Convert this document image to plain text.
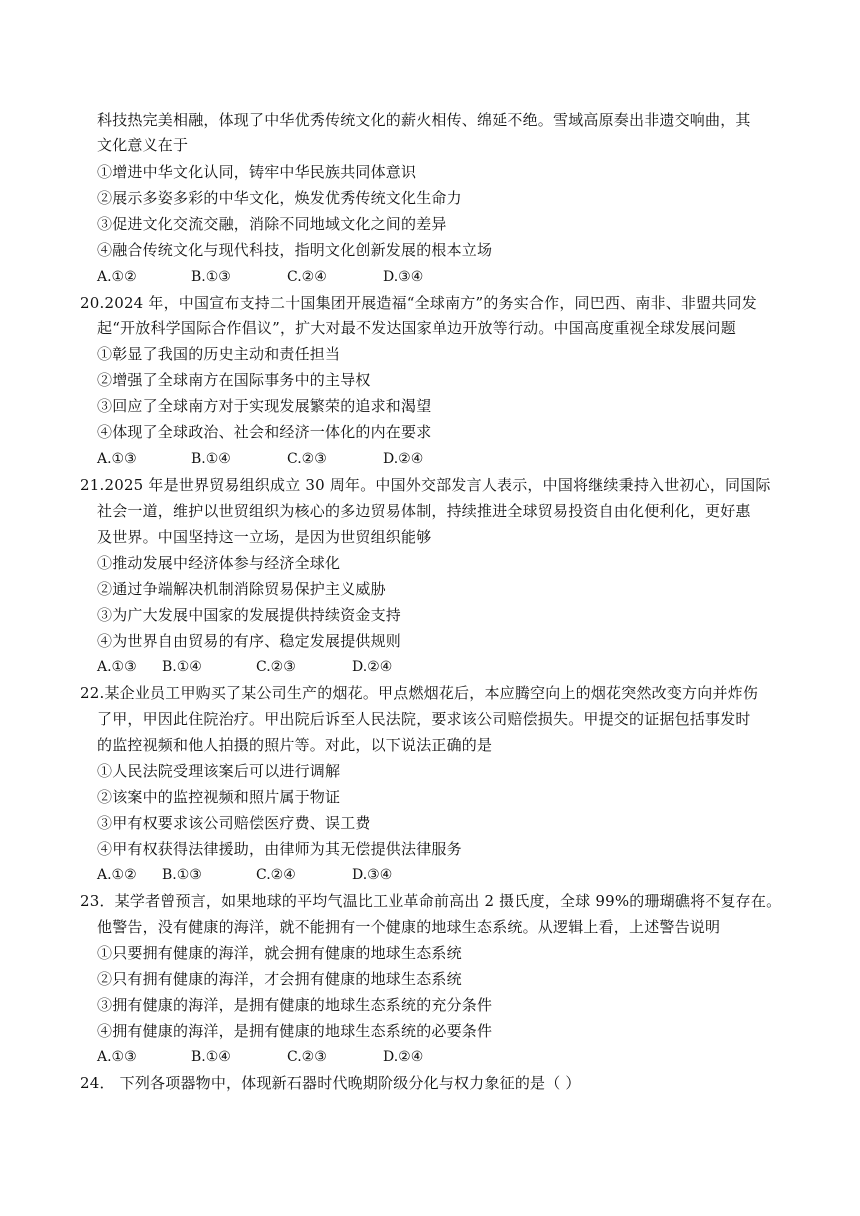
科技热完美相融，体现了中华优秀传统文化的薪火相传、绵延不绝。雪域高原奏出非遗交响曲，其
文化意义在于
①增进中华文化认同，铸牢中华民族共同体意识
②展示多姿多彩的中华文化，焕发优秀传统文化生命力
③促进文化交流交融，消除不同地域文化之间的差异
④融合传统文化与现代科技，指明文化创新发展的根本立场
A.①②	B.①③	C.②④	D.③④
20.2024 年，中国宣布支持二十国集团开展造福“全球南方”的务实合作，同巴西、南非、非盟共同发
起“开放科学国际合作倡议”，扩大对最不发达国家单边开放等行动。中国高度重视全球发展问题
①彰显了我国的历史主动和责任担当
②增强了全球南方在国际事务中的主导权
③回应了全球南方对于实现发展繁荣的追求和渴望
④体现了全球政治、社会和经济一体化的内在要求
A.①③	B.①④	C.②③	D.②④
21.2025 年是世界贸易组织成立 30 周年。中国外交部发言人表示，中国将继续秉持入世初心，同国际
社会一道，维护以世贸组织为核心的多边贸易体制，持续推进全球贸易投资自由化便利化，更好惠
及世界。中国坚持这一立场，是因为世贸组织能够
①推动发展中经济体参与经济全球化
②通过争端解决机制消除贸易保护主义威胁
③为广大发展中国家的发展提供持续资金支持
④为世界自由贸易的有序、稳定发展提供规则
A.①③ B.①④	C.②③	D.②④
22.某企业员工甲购买了某公司生产的烟花。甲点燃烟花后，本应腾空向上的烟花突然改变方向并炸伤
了甲，甲因此住院治疗。甲出院后诉至人民法院，要求该公司赔偿损失。甲提交的证据包括事发时
的监控视频和他人拍摄的照片等。对此，以下说法正确的是
①人民法院受理该案后可以进行调解
②该案中的监控视频和照片属于物证
③甲有权要求该公司赔偿医疗费、误工费
④甲有权获得法律援助，由律师为其无偿提供法律服务
A.①② B.①③	C.②④	D.③④
23．某学者曾预言，如果地球的平均气温比工业革命前高出 2 摄氏度，全球 99%的珊瑚礁将不复存在。
他警告，没有健康的海洋，就不能拥有一个健康的地球生态系统。从逻辑上看，上述警告说明
①只要拥有健康的海洋，就会拥有健康的地球生态系统
②只有拥有健康的海洋，才会拥有健康的地球生态系统
③拥有健康的海洋，是拥有健康的地球生态系统的充分条件
④拥有健康的海洋，是拥有健康的地球生态系统的必要条件
A.①③	B.①④	C.②③	D.②④
24． 下列各项器物中，体现新石器时代晚期阶级分化与权力象征的是（ ）
